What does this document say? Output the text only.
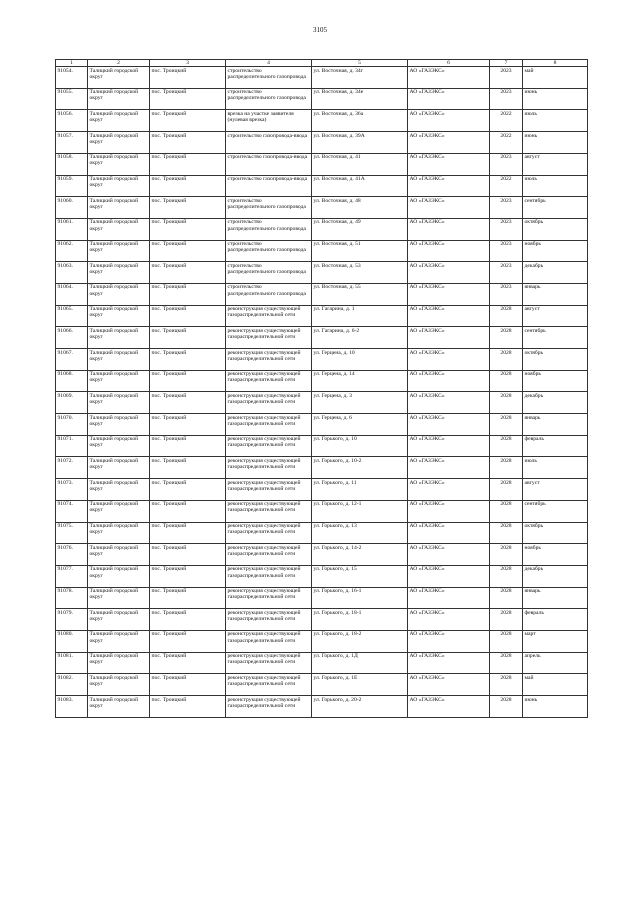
3105
1	2	3	4	5	6	7	8
91054.	Талицкий городской округ	пос. Троицкий	строительство распределительного газопровода	ул. Восточная, д. 34г	АО «ГАЗЭКС»	2023	май
91055.	Талицкий городской округ	пос. Троицкий	строительство распределительного газопровода	ул. Восточная, д. 34е	АО «ГАЗЭКС»	2023	июнь
91056.	Талицкий городской округ	пос. Троицкий	врезка на участке заявителя (нулевая врезка)	ул. Восточная, д. 36а	АО «ГАЗЭКС»	2022	июль
91057.	Талицкий городской округ	пос. Троицкий	строительство газопровода-ввода	ул. Восточная, д. 39А	АО «ГАЗЭКС»	2022	июнь
91058.	Талицкий городской округ	пос. Троицкий	строительство газопровода-ввода	ул. Восточная, д. 41	АО «ГАЗЭКС»	2023	август
91059.	Талицкий городской округ	пос. Троицкий	строительство газопровода-ввода	ул. Восточная, д. 41А	АО «ГАЗЭКС»	2022	июль
91060.	Талицкий городской округ	пос. Троицкий	строительство распределительного газопровода	ул. Восточная, д. 48	АО «ГАЗЭКС»	2023	сентябрь
91061.	Талицкий городской округ	пос. Троицкий	строительство распределительного газопровода	ул. Восточная, д. 49	АО «ГАЗЭКС»	2023	октябрь
91062.	Талицкий городской округ	пос. Троицкий	строительство распределительного газопровода	ул. Восточная, д. 51	АО «ГАЗЭКС»	2023	ноябрь
91063.	Талицкий городской округ	пос. Троицкий	строительство распределительного газопровода	ул. Восточная, д. 53	АО «ГАЗЭКС»	2023	декабрь
91064.	Талицкий городской округ	пос. Троицкий	строительство распределительного газопровода	ул. Восточная, д. 55	АО «ГАЗЭКС»	2023	январь
91065.	Талицкий городской округ	пос. Троицкий	реконструкция существующей газораспределительной сети	ул. Гагарина, д. 1	АО «ГАЗЭКС»	2028	август
91066.	Талицкий городской округ	пос. Троицкий	реконструкция существующей газораспределительной сети	ул. Гагарина, д. 6-2	АО «ГАЗЭКС»	2028	сентябрь
91067.	Талицкий городской округ	пос. Троицкий	реконструкция существующей газораспределительной сети	ул. Герцена, д. 10	АО «ГАЗЭКС»	2028	октябрь
91068.	Талицкий городской округ	пос. Троицкий	реконструкция существующей газораспределительной сети	ул. Герцена, д. 14	АО «ГАЗЭКС»	2028	ноябрь
91069.	Талицкий городской округ	пос. Троицкий	реконструкция существующей газораспределительной сети	ул. Герцена, д. 3	АО «ГАЗЭКС»	2028	декабрь
91070.	Талицкий городской округ	пос. Троицкий	реконструкция существующей газораспределительной сети	ул. Герцена, д. 6	АО «ГАЗЭКС»	2028	январь
91071.	Талицкий городской округ	пос. Троицкий	реконструкция существующей газораспределительной сети	ул. Горького, д. 10	АО «ГАЗЭКС»	2028	февраль
91072.	Талицкий городской округ	пос. Троицкий	реконструкция существующей газораспределительной сети	ул. Горького, д. 10-2	АО «ГАЗЭКС»	2028	июль
91073.	Талицкий городской округ	пос. Троицкий	реконструкция существующей газораспределительной сети	ул. Горького, д. 11	АО «ГАЗЭКС»	2028	август
91074.	Талицкий городской округ	пос. Троицкий	реконструкция существующей газораспределительной сети	ул. Горького, д. 12-1	АО «ГАЗЭКС»	2028	сентябрь
91075.	Талицкий городской округ	пос. Троицкий	реконструкция существующей газораспределительной сети	ул. Горького, д. 13	АО «ГАЗЭКС»	2028	октябрь
91076.	Талицкий городской округ	пос. Троицкий	реконструкция существующей газораспределительной сети	ул. Горького, д. 14-2	АО «ГАЗЭКС»	2028	ноябрь
91077.	Талицкий городской округ	пос. Троицкий	реконструкция существующей газораспределительной сети	ул. Горького, д. 15	АО «ГАЗЭКС»	2028	декабрь
91078.	Талицкий городской округ	пос. Троицкий	реконструкция существующей газораспределительной сети	ул. Горького, д. 16-1	АО «ГАЗЭКС»	2028	январь
91079.	Талицкий городской округ	пос. Троицкий	реконструкция существующей газораспределительной сети	ул. Горького, д. 18-1	АО «ГАЗЭКС»	2028	февраль
91080.	Талицкий городской округ	пос. Троицкий	реконструкция существующей газораспределительной сети	ул. Горького, д. 18-2	АО «ГАЗЭКС»	2028	март
91081.	Талицкий городской округ	пос. Троицкий	реконструкция существующей газораспределительной сети	ул. Горького, д. 1Д	АО «ГАЗЭКС»	2028	апрель
91082.	Талицкий городской округ	пос. Троицкий	реконструкция существующей газораспределительной сети	ул. Горького, д. 1Е	АО «ГАЗЭКС»	2028	май
91083.	Талицкий городской округ	пос. Троицкий	реконструкция существующей газораспределительной сети	ул. Горького, д. 20-2	АО «ГАЗЭКС»	2028	июнь
